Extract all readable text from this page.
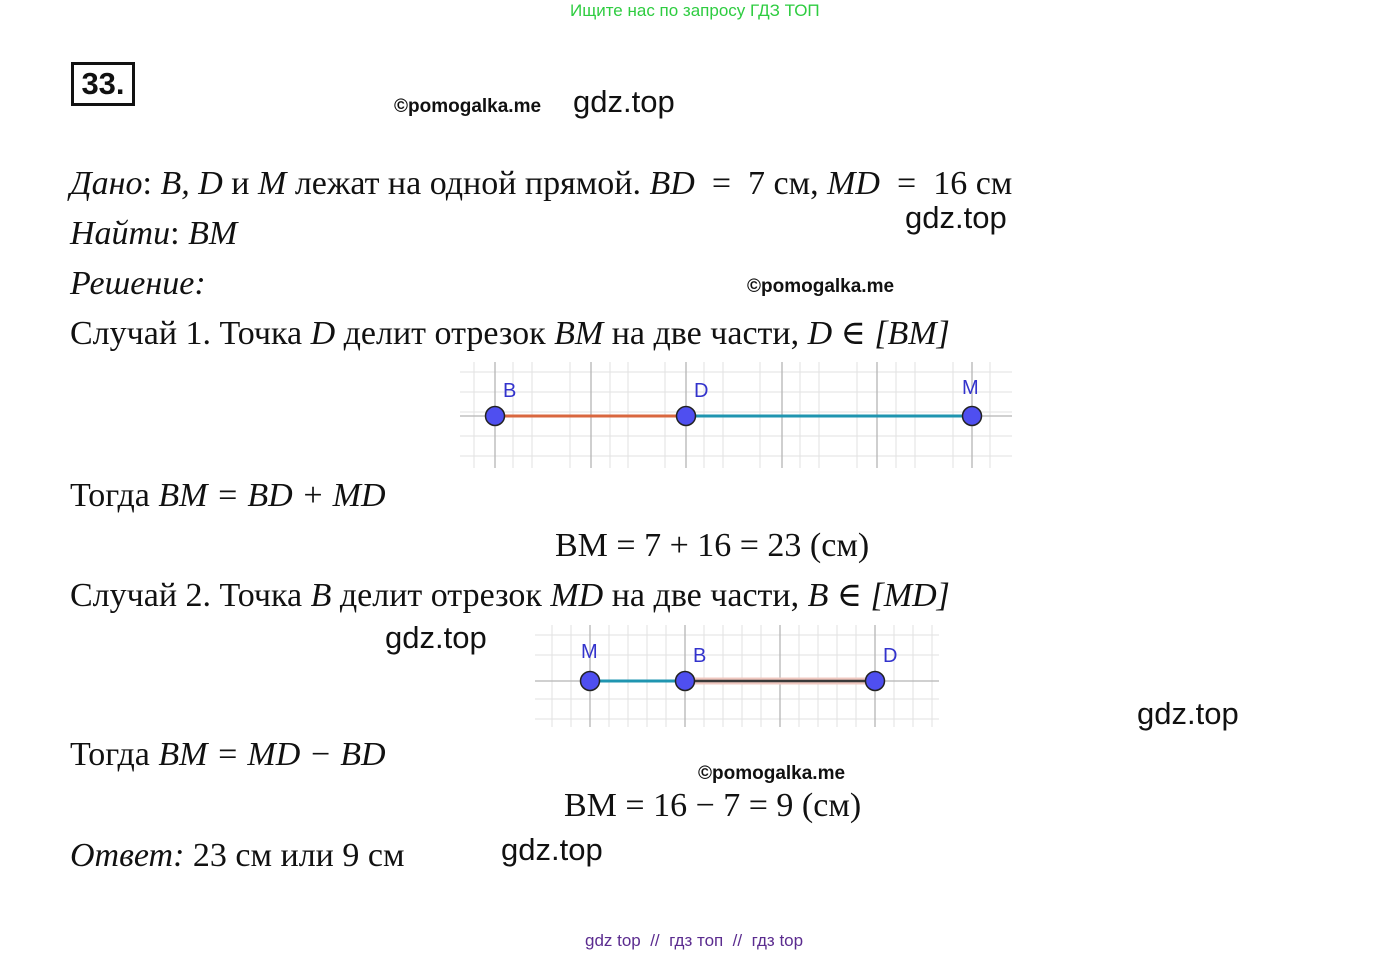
Ищите нас по запросу ГДЗ ТОП
33.
©pomogalka.me gdz.top
gdz.top
©pomogalka.me
gdz.top
gdz.top
©pomogalka.me
gdz.top
Дано: B, D и M лежат на одной прямой. BD = 7 см, MD = 16 см
Найти: BM
Решение:
Случай 1. Точка D делит отрезок BM на две части, D ∈ [BM]
B	D	M
Тогда BM = BD + MD
BM = 7 + 16 = 23 (см)
Случай 2. Точка B делит отрезок MD на две части, B ∈ [MD]
M	B	D
Тогда BM = MD − BD
BM = 16 − 7 = 9 (см)
Ответ: 23 см или 9 см
gdz top  //  гдз топ  //  гдз top
